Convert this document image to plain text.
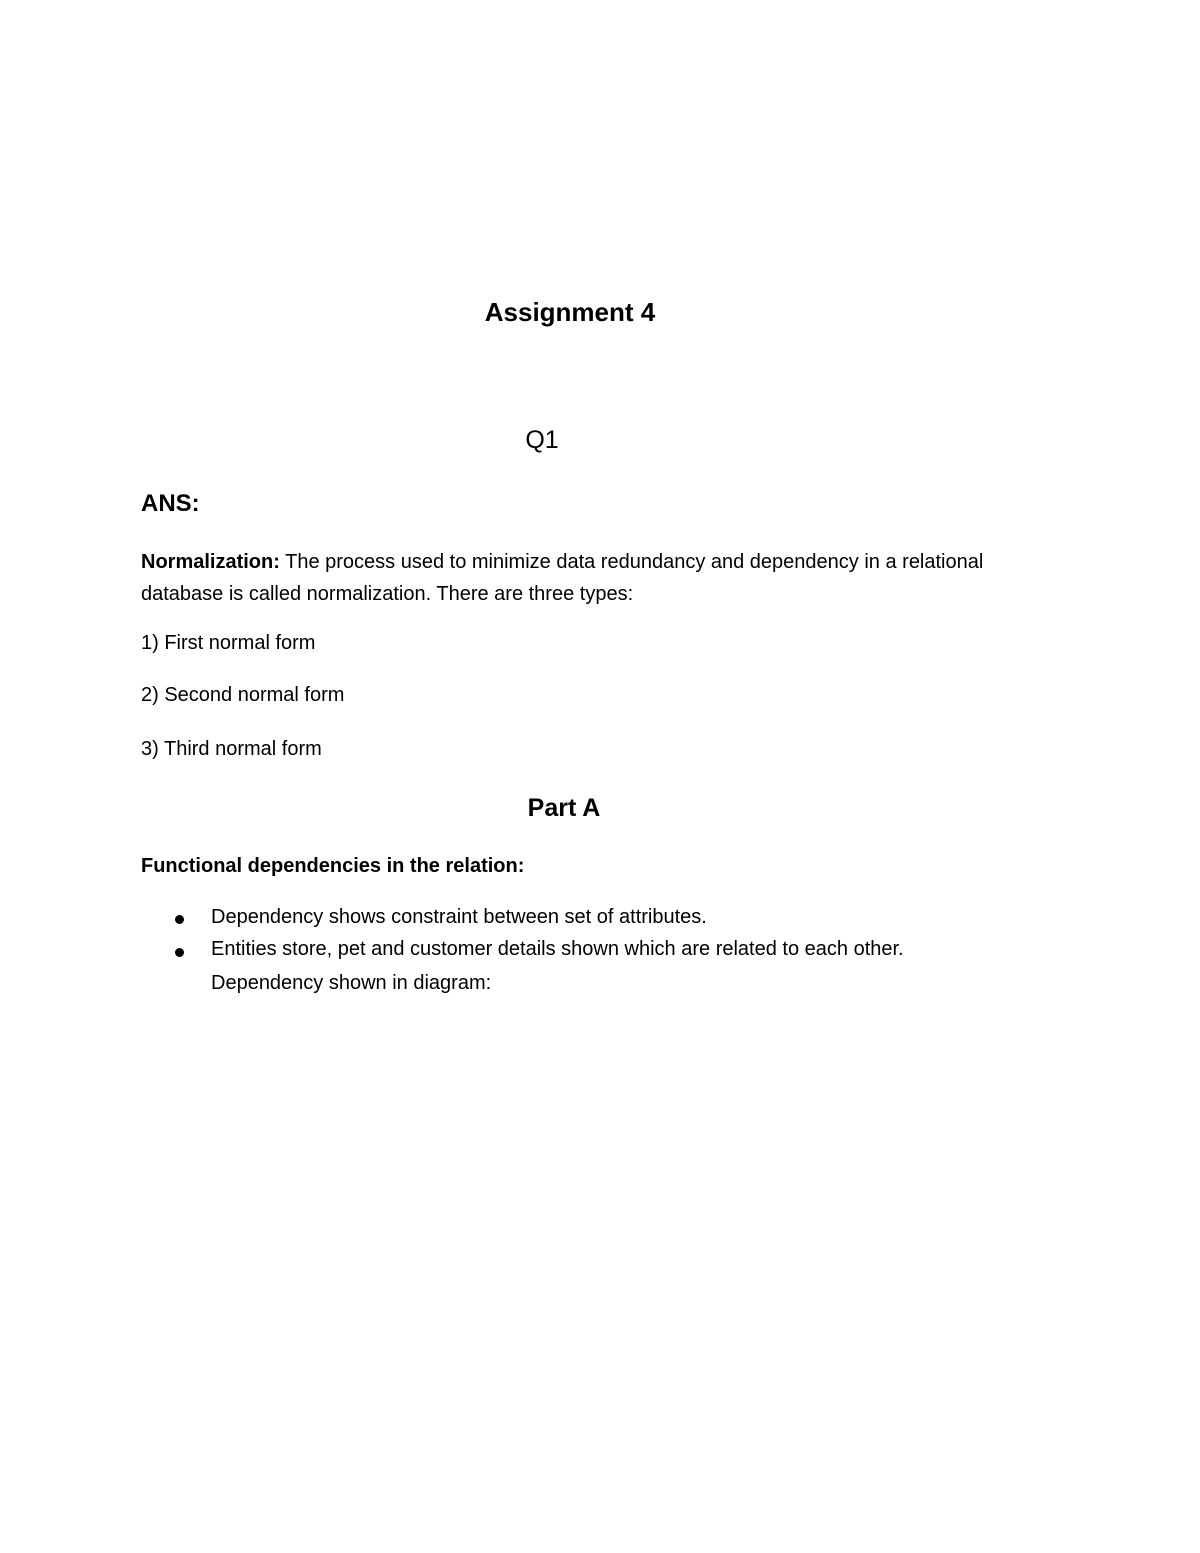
Assignment 4
Q1
ANS:

Normalization: The process used to minimize data redundancy and dependency in a relational

database is called normalization. There are three types:

1) First normal form
2) Second normal form
3) Third normal form
Part A
Functional dependencies in the relation:
Dependency shows constraint between set of attributes.
Entities store, pet and customer details shown which are related to each other.
Dependency shown in diagram:
